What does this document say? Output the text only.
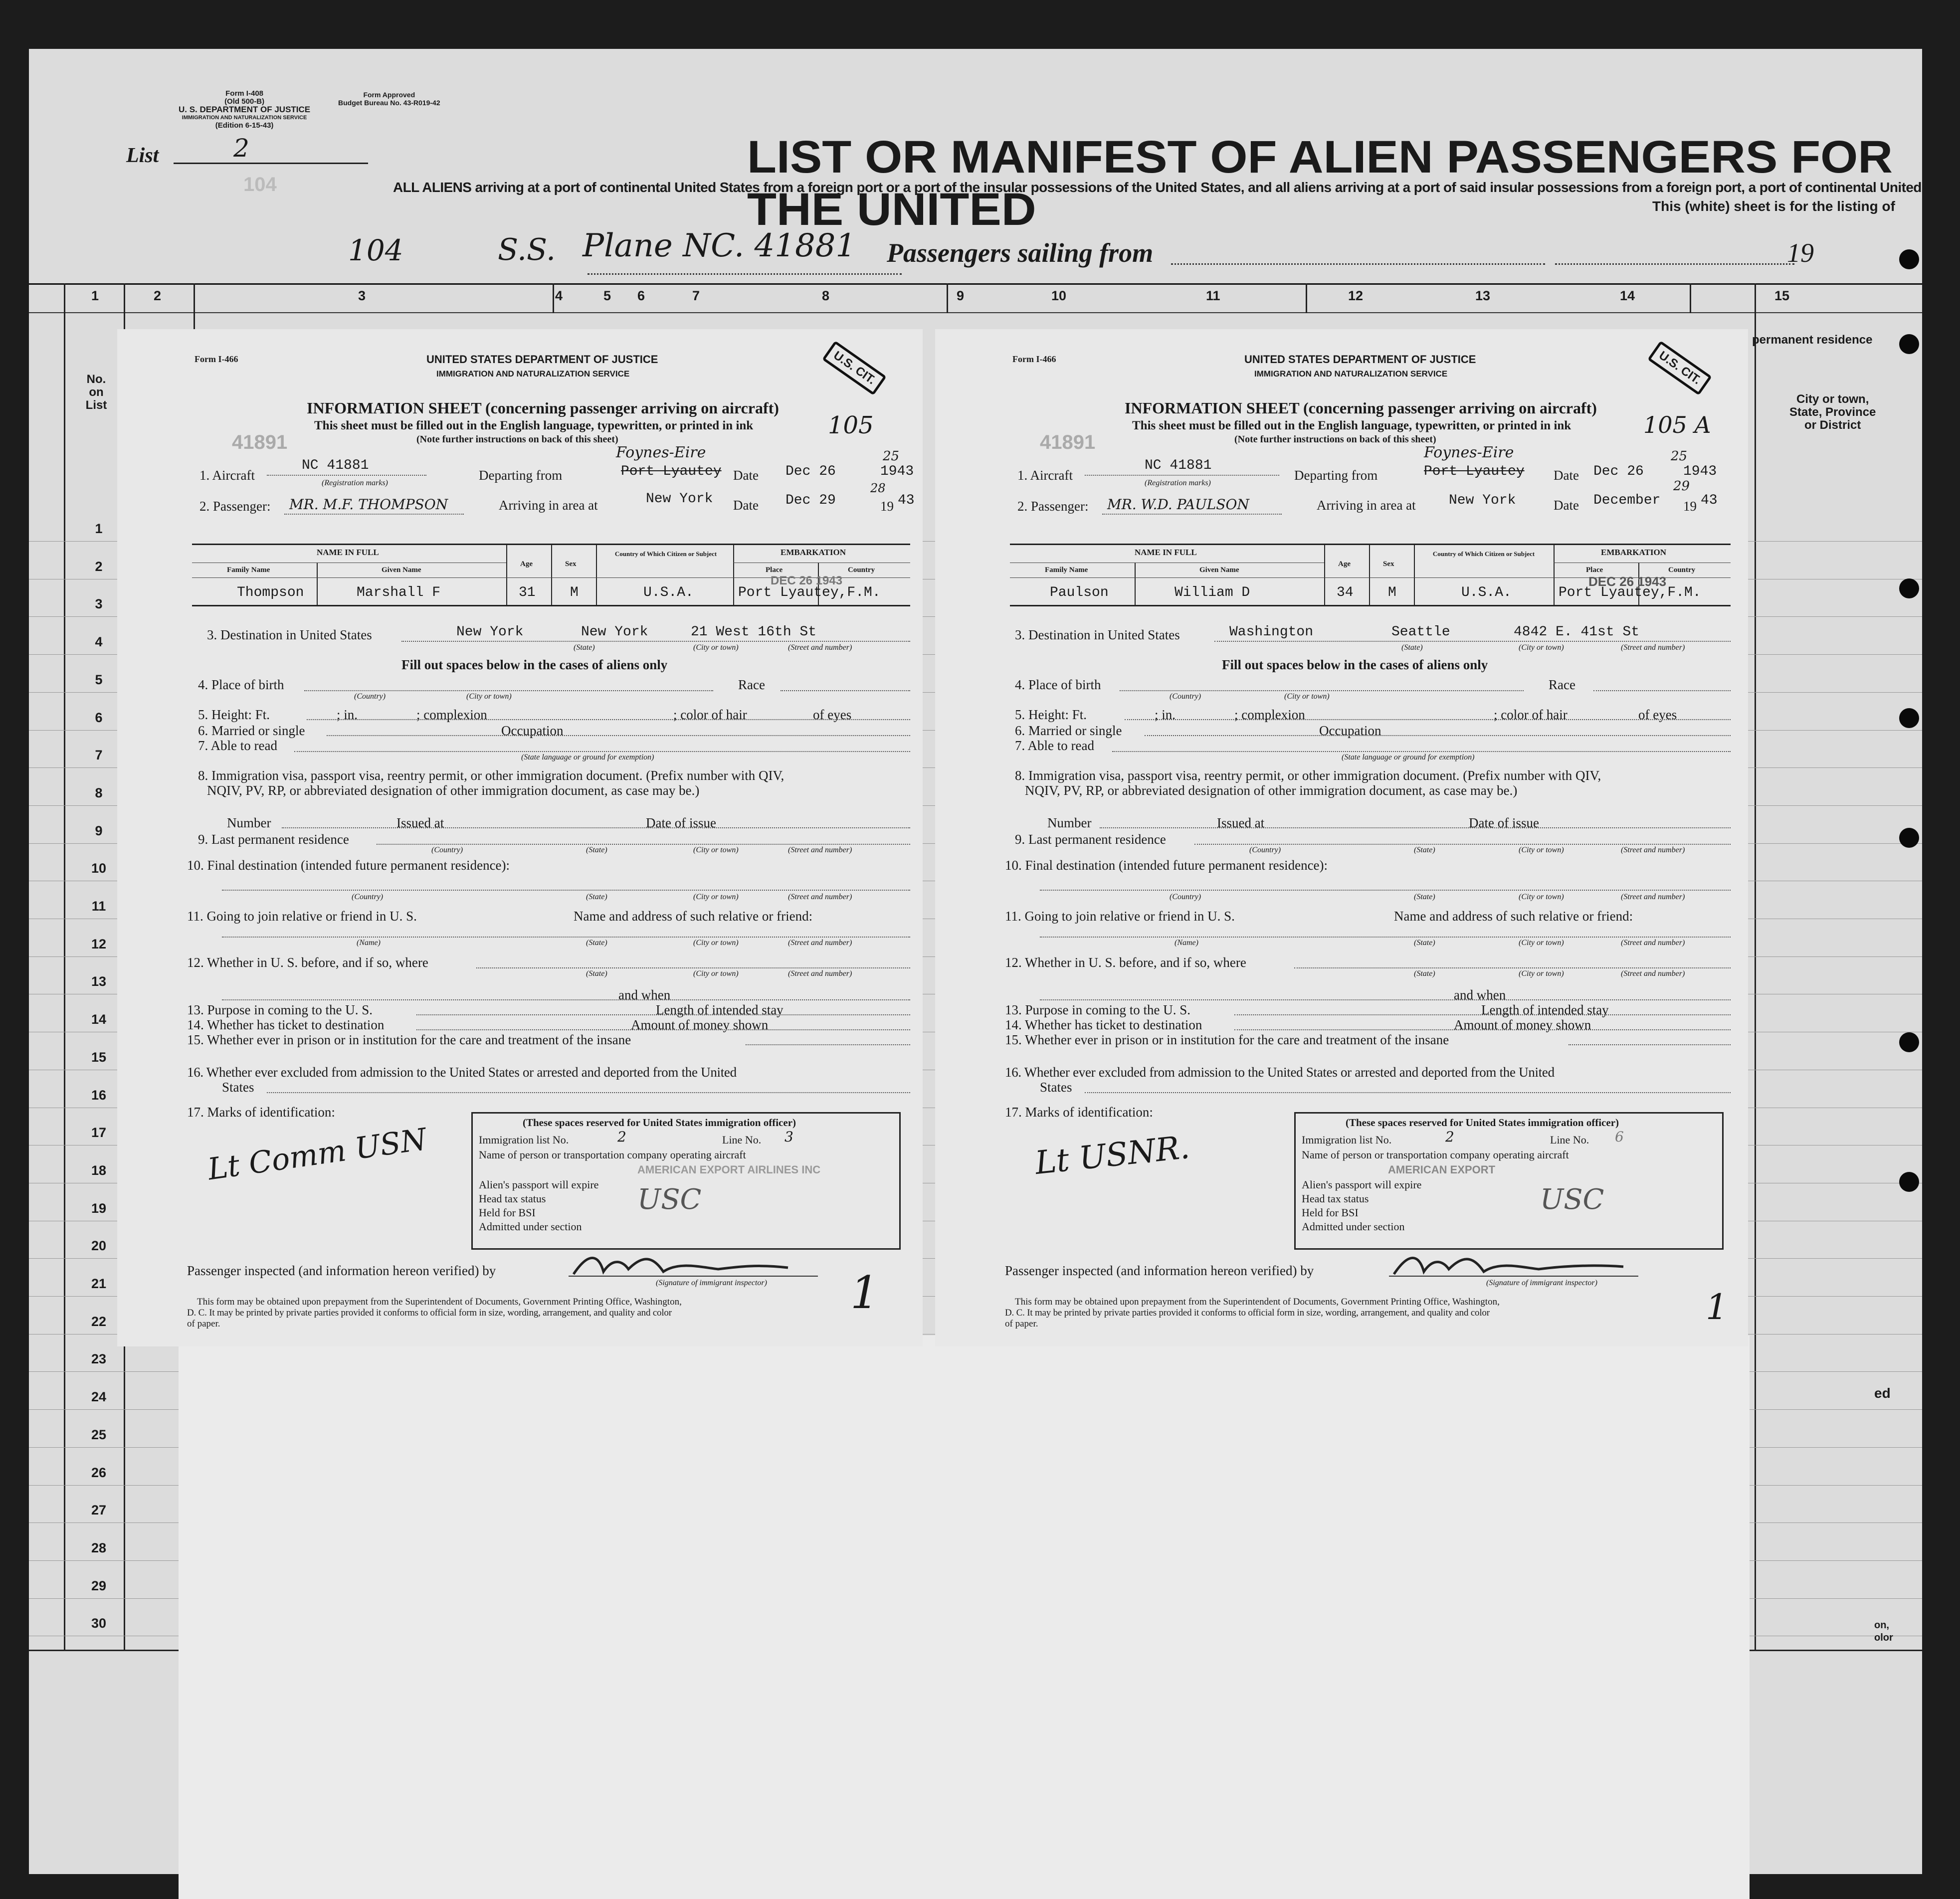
Form I-408
(Old 500-B)
U. S. DEPARTMENT OF JUSTICE
IMMIGRATION AND NATURALIZATION SERVICE
(Edition 6-15-43)
Form Approved
Budget Bureau No. 43-R019-42
List	2
104
LIST OR MANIFEST OF ALIEN PASSENGERS FOR THE UNITED
ALL ALIENS arriving at a port of continental United States from a foreign port or a port of the insular possessions of the United States, and all aliens arriving at a port of said insular possessions from a foreign port, a port of continental United
This (white) sheet is for the listing of
104	S.S. Plane NC. 41881 Passengers sailing from	19
1	2	3	4	5 6	7	8	9	10	11	12	13	14	15
No.
on
List
permanent residence
City or town,
State, Province
or District
1
2
3
4
5
6
7
8
9
10
11
12
13
14
15
16
17
18
19
20
21
22
23
24
25
26
27
28
29
30
ed
on,
olor
Form I-466	UNITED STATES DEPARTMENT OF JUSTICE
IMMIGRATION AND NATURALIZATION SERVICE	U.S. CIT.
INFORMATION SHEET (concerning passenger arriving on aircraft)
This sheet must be filled out in the English language, typewritten, or printed in ink
(Note further instructions on back of this sheet)	105
41891
1. Aircraft
NC 41881
(Registration marks)
Departing from	Port Lyautey
Foynes-Eire
Date Dec 26	1943
25
2. Passenger: MR. M.F. THOMPSON	Arriving in area at	New York Date Dec 29	19 43
28
NAME IN FULL
Family Name	Given Name
Age	Sex
Country of Which Citizen or Subject	EMBARKATION
Place	Country
Thompson	Marshall F	31 M	U.S.A.
DEC 26 1943
Port Lyautey,F.M.
3. Destination in United States	New York	New York	21 West 16th St
(State)	(City or town)	(Street and number)
Fill out spaces below in the cases of aliens only
4. Place of birth
(Country)	(City or town)
Race
5. Height: Ft.	; in.	; complexion	; color of hair	of eyes
6. Married or single	Occupation
7. Able to read
(State language or ground for exemption)
8. Immigration visa, passport visa, reentry permit, or other immigration document. (Prefix number with QIV,
NQIV, PV, RP, or abbreviated designation of other immigration document, as case may be.)
Number	Issued at	Date of issue
9. Last permanent residence
(Country)	(State)	(City or town)	(Street and number)
10. Final destination (intended future permanent residence):
(Country)	(State)	(City or town)	(Street and number)
11. Going to join relative or friend in U. S.	Name and address of such relative or friend:
(Name)	(State)	(City or town)	(Street and number)
12. Whether in U. S. before, and if so, where
(State)	(City or town)	(Street and number)
and when
13. Purpose in coming to the U. S.	Length of intended stay
14. Whether has ticket to destination	Amount of money shown
15. Whether ever in prison or in institution for the care and treatment of the insane
16. Whether ever excluded from admission to the United States or arrested and deported from the United
States
17. Marks of identification:
Lt Comm USN	(These spaces reserved for United States immigration officer)
Immigration list No.	2	Line No. 3
Name of person or transportation company operating aircraft
AMERICAN EXPORT AIRLINES INC
Alien's passport will expire
Head tax status	USC
Held for BSI
Admitted under section
Passenger inspected (and information hereon verified) by
(Signature of immigrant inspector)
This form may be obtained upon prepayment from the Superintendent of Documents, Government Printing Office, Washington,
D. C. It may be printed by private parties provided it conforms to official form in size, wording, arrangement, and quality and color
of paper.
1
Form I-466	UNITED STATES DEPARTMENT OF JUSTICE
IMMIGRATION AND NATURALIZATION SERVICE	U.S. CIT.
INFORMATION SHEET (concerning passenger arriving on aircraft)
This sheet must be filled out in the English language, typewritten, or printed in ink
(Note further instructions on back of this sheet)
105 A
41891
1. Aircraft
NC 41881
(Registration marks)
Departing from	Port Lyautey
Foynes-Eire
Date Dec 26	1943
25
2. Passenger: MR. W.D. PAULSON	Arriving in area at New York	Date December 19 43
29
NAME IN FULL
Family Name	Given Name
Age	Sex
Country of Which Citizen or Subject	EMBARKATION
Place	Country
Paulson	William D	34 M	U.S.A.
DEC 26 1943
Port Lyautey,F.M.
3. Destination in United States	Washington	Seattle	4842 E. 41st St
(State)	(City or town)	(Street and number)
Fill out spaces below in the cases of aliens only
4. Place of birth
(Country)	(City or town)
Race
5. Height: Ft.	; in.	; complexion	; color of hair	of eyes
6. Married or single	Occupation
7. Able to read
(State language or ground for exemption)
8. Immigration visa, passport visa, reentry permit, or other immigration document. (Prefix number with QIV,
NQIV, PV, RP, or abbreviated designation of other immigration document, as case may be.)
Number	Issued at	Date of issue
9. Last permanent residence
(Country)	(State)	(City or town)	(Street and number)
10. Final destination (intended future permanent residence):
(Country)	(State)	(City or town)	(Street and number)
11. Going to join relative or friend in U. S.	Name and address of such relative or friend:
(Name)	(State)	(City or town)	(Street and number)
12. Whether in U. S. before, and if so, where
(State)	(City or town)	(Street and number)
and when
13. Purpose in coming to the U. S.	Length of intended stay
14. Whether has ticket to destination	Amount of money shown
15. Whether ever in prison or in institution for the care and treatment of the insane
16. Whether ever excluded from admission to the United States or arrested and deported from the United
States
17. Marks of identification:
Lt USNR.
(These spaces reserved for United States immigration officer)
Immigration list No.	2	Line No. 6
Name of person or transportation company operating aircraft
AMERICAN EXPORT
Alien's passport will expire
Head tax status	USC
Held for BSI
Admitted under section
Passenger inspected (and information hereon verified) by
(Signature of immigrant inspector)
This form may be obtained upon prepayment from the Superintendent of Documents, Government Printing Office, Washington,
D. C. It may be printed by private parties provided it conforms to official form in size, wording, arrangement, and quality and color
of paper.	1
